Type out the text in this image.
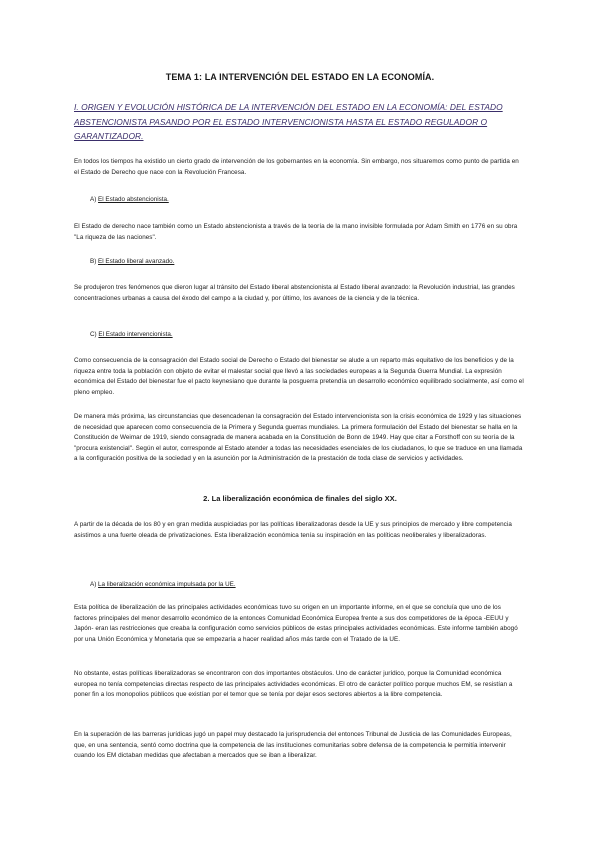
TEMA 1: LA INTERVENCIÓN DEL ESTADO EN LA ECONOMÍA.

I. ORIGEN Y EVOLUCIÓN HISTÓRICA DE LA INTERVENCIÓN DEL ESTADO EN LA ECONOMÍA: DEL ESTADO ABSTENCIONISTA PASANDO POR EL ESTADO INTERVENCIONISTA HASTA EL ESTADO REGULADOR O GARANTIZADOR.

En todos los tiempos ha existido un cierto grado de intervención de los gobernantes en la economía. Sin embargo, nos situaremos como punto de partida en el Estado de Derecho que nace con la Revolución Francesa.

A) El Estado abstencionista.

El Estado de derecho nace también como un Estado abstencionista a través de la teoría de la mano invisible formulada por Adam Smith en 1776 en su obra "La riqueza de las naciones".

B) El Estado liberal avanzado.

Se produjeron tres fenómenos que dieron lugar al tránsito del Estado liberal abstencionista al Estado liberal avanzado: la Revolución industrial, las grandes concentraciones urbanas a causa del éxodo del campo a la ciudad y, por último, los avances de la ciencia y de la técnica.

C) El Estado intervencionista.

Como consecuencia de la consagración del Estado social de Derecho o Estado del bienestar se alude a un reparto más equitativo de los beneficios y de la riqueza entre toda la población con objeto de evitar el malestar social que llevó a las sociedades europeas a la Segunda Guerra Mundial. La expresión económica del Estado del bienestar fue el pacto keynesiano que durante la posguerra pretendía un desarrollo económico equilibrado socialmente, así como el pleno empleo.

De manera más próxima, las circunstancias que desencadenan la consagración del Estado intervencionista son la crisis económica de 1929 y las situaciones de necesidad que aparecen como consecuencia de la Primera y Segunda guerras mundiales. La primera formulación del Estado del bienestar se halla en la Constitución de Weimar de 1919, siendo consagrada de manera acabada en la Constitución de Bonn de 1949. Hay que citar a Forsthoff con su teoría de la "procura existencial". Según el autor, corresponde al Estado atender a todas las necesidades esenciales de los ciudadanos, lo que se traduce en una llamada a la configuración positiva de la sociedad y en la asunción por la Administración de la prestación de toda clase de servicios y actividades.

2. La liberalización económica de finales del siglo XX.

A partir de la década de los 80 y en gran medida auspiciadas por las políticas liberalizadoras desde la UE y sus principios de mercado y libre competencia asistimos a una fuerte oleada de privatizaciones. Esta liberalización económica tenía su inspiración en las políticas neoliberales y liberalizadoras.

A) La liberalización económica impulsada por la UE.

Esta política de liberalización de las principales actividades económicas tuvo su origen en un importante informe, en el que se concluía que uno de los factores principales del menor desarrollo económico de la entonces Comunidad Económica Europea frente a sus dos competidores de la época -EEUU y Japón- eran las restricciones que creaba la configuración como servicios públicos de estas principales actividades económicas. Este informe también abogó por una Unión Económica y Monetaria que se empezaría a hacer realidad años más tarde con el Tratado de la UE.

No obstante, estas políticas liberalizadoras se encontraron con dos importantes obstáculos. Uno de carácter jurídico, porque la Comunidad económica europea no tenía competencias directas respecto de las principales actividades económicas. El otro de carácter político porque muchos EM, se resistían a poner fin a los monopolios públicos que existían por el temor que se tenía por dejar esos sectores abiertos a la libre competencia.

En la superación de las barreras jurídicas jugó un papel muy destacado la jurisprudencia del entonces Tribunal de Justicia de las Comunidades Europeas, que, en una sentencia, sentó como doctrina que la competencia de las instituciones comunitarias sobre defensa de la competencia le permitía intervenir cuando los EM dictaban medidas que afectaban a mercados que se iban a liberalizar.
